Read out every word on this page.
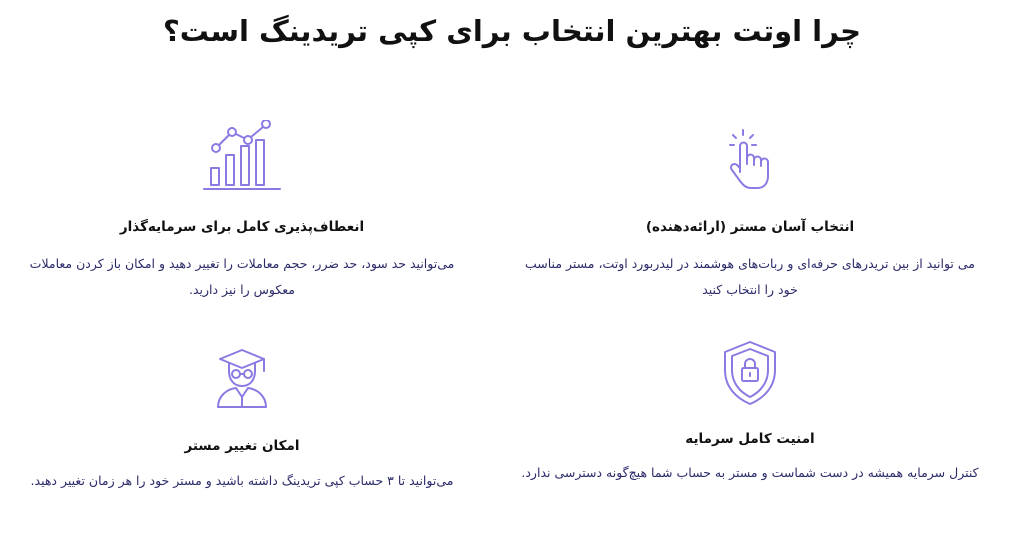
چرا اوتت بهترین انتخاب برای کپی تریدینگ است؟
انتخاب آسان مستر (ارائه‌دهنده)
می توانید از بین تریدرهای حرفه‌ای و ربات‌های هوشمند در لیدربورد اوتت، مستر مناسب خود را انتخاب کنید
انعطاف‌پذیری کامل برای سرمایه‌گذار
می‌توانید حد سود، حد ضرر، حجم معاملات را تغییر دهید و امکان باز کردن معاملات معکوس را نیز دارید.
امنیت کامل سرمایه
کنترل سرمایه همیشه در دست شماست و مستر به حساب شما هیچ‌گونه دسترسی ندارد.
امکان تغییر مستر
می‌توانید تا ۳ حساب کپی تریدینگ داشته باشید و مستر خود را هر زمان تغییر دهید.
